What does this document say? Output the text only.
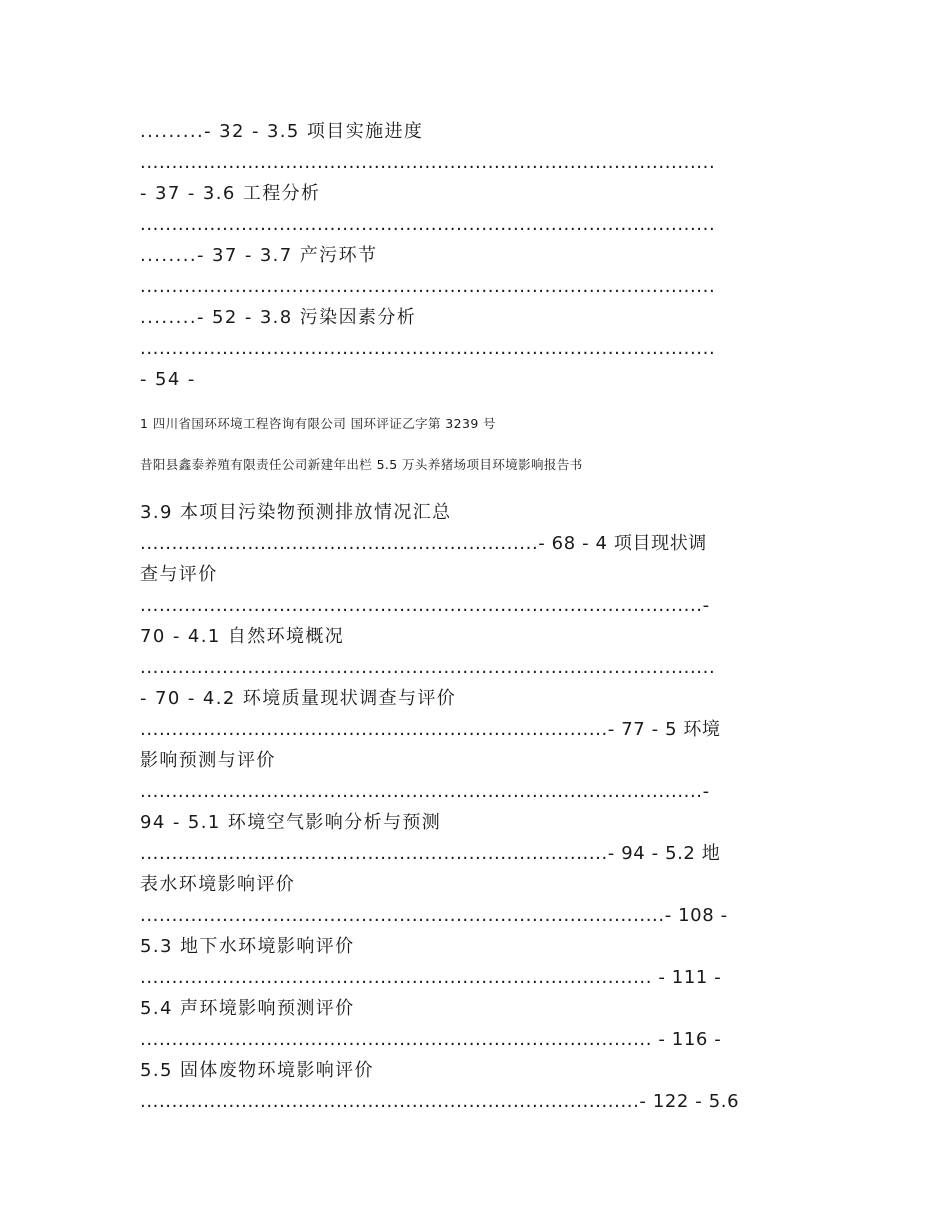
.........- 32 - 3.5 项目实施进度
...........................................................................................
- 37 - 3.6 工程分析
...........................................................................................
........- 37 - 3.7 产污环节
...........................................................................................
........- 52 - 3.8 污染因素分析
...........................................................................................
- 54 -
1 四川省国环环境工程咨询有限公司 国环评证乙字第 3239 号
昔阳县鑫泰养殖有限责任公司新建年出栏 5.5 万头养猪场项目环境影响报告书
3.9 本项目污染物预测排放情况汇总
...............................................................- 68 - 4 项目现状调
查与评价
.........................................................................................-
70 - 4.1 自然环境概况
...........................................................................................
- 70 - 4.2 环境质量现状调查与评价
..........................................................................- 77 - 5 环境
影响预测与评价
.........................................................................................-
94 - 5.1 环境空气影响分析与预测
..........................................................................- 94 - 5.2 地
表水环境影响评价
...................................................................................- 108 -
5.3 地下水环境影响评价
................................................................................. - 111 -
5.4 声环境影响预测评价
................................................................................. - 116 -
5.5 固体废物环境影响评价
...............................................................................- 122 - 5.6
